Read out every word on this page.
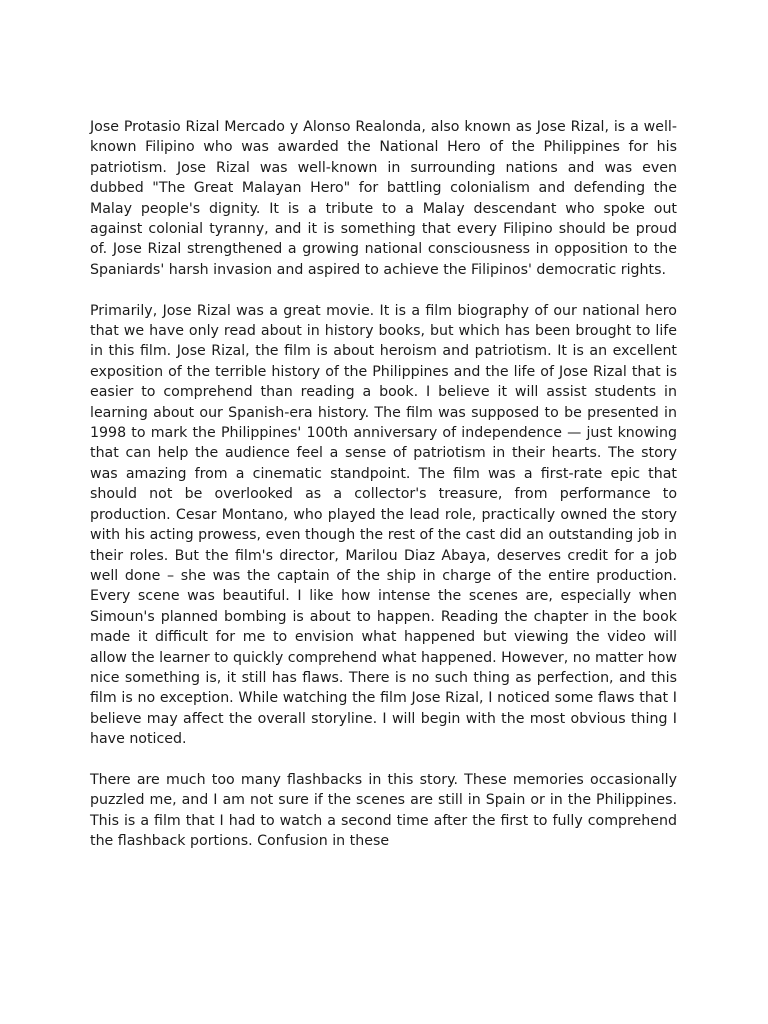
Jose Protasio Rizal Mercado y Alonso Realonda, also known as Jose Rizal, is a well-known Filipino who was awarded the National Hero of the Philippines for his patriotism. Jose Rizal was well-known in surrounding nations and was even dubbed "The Great Malayan Hero" for battling colonialism and defending the Malay people's dignity. It is a tribute to a Malay descendant who spoke out against colonial tyranny, and it is something that every Filipino should be proud of. Jose Rizal strengthened a growing national consciousness in opposition to the Spaniards' harsh invasion and aspired to achieve the Filipinos' democratic rights.

Primarily, Jose Rizal was a great movie. It is a film biography of our national hero that we have only read about in history books, but which has been brought to life in this film. Jose Rizal, the film is about heroism and patriotism. It is an excellent exposition of the terrible history of the Philippines and the life of Jose Rizal that is easier to comprehend than reading a book. I believe it will assist students in learning about our Spanish-era history. The film was supposed to be presented in 1998 to mark the Philippines' 100th anniversary of independence — just knowing that can help the audience feel a sense of patriotism in their hearts. The story was amazing from a cinematic standpoint. The film was a first-rate epic that should not be overlooked as a collector's treasure, from performance to production. Cesar Montano, who played the lead role, practically owned the story with his acting prowess, even though the rest of the cast did an outstanding job in their roles. But the film's director, Marilou Diaz Abaya, deserves credit for a job well done – she was the captain of the ship in charge of the entire production. Every scene was beautiful. I like how intense the scenes are, especially when Simoun's planned bombing is about to happen. Reading the chapter in the book made it difficult for me to envision what happened but viewing the video will allow the learner to quickly comprehend what happened. However, no matter how nice something is, it still has flaws. There is no such thing as perfection, and this film is no exception. While watching the film Jose Rizal, I noticed some flaws that I believe may affect the overall storyline. I will begin with the most obvious thing I have noticed.

There are much too many flashbacks in this story. These memories occasionally puzzled me, and I am not sure if the scenes are still in Spain or in the Philippines. This is a film that I had to watch a second time after the first to fully comprehend the flashback portions. Confusion in these
